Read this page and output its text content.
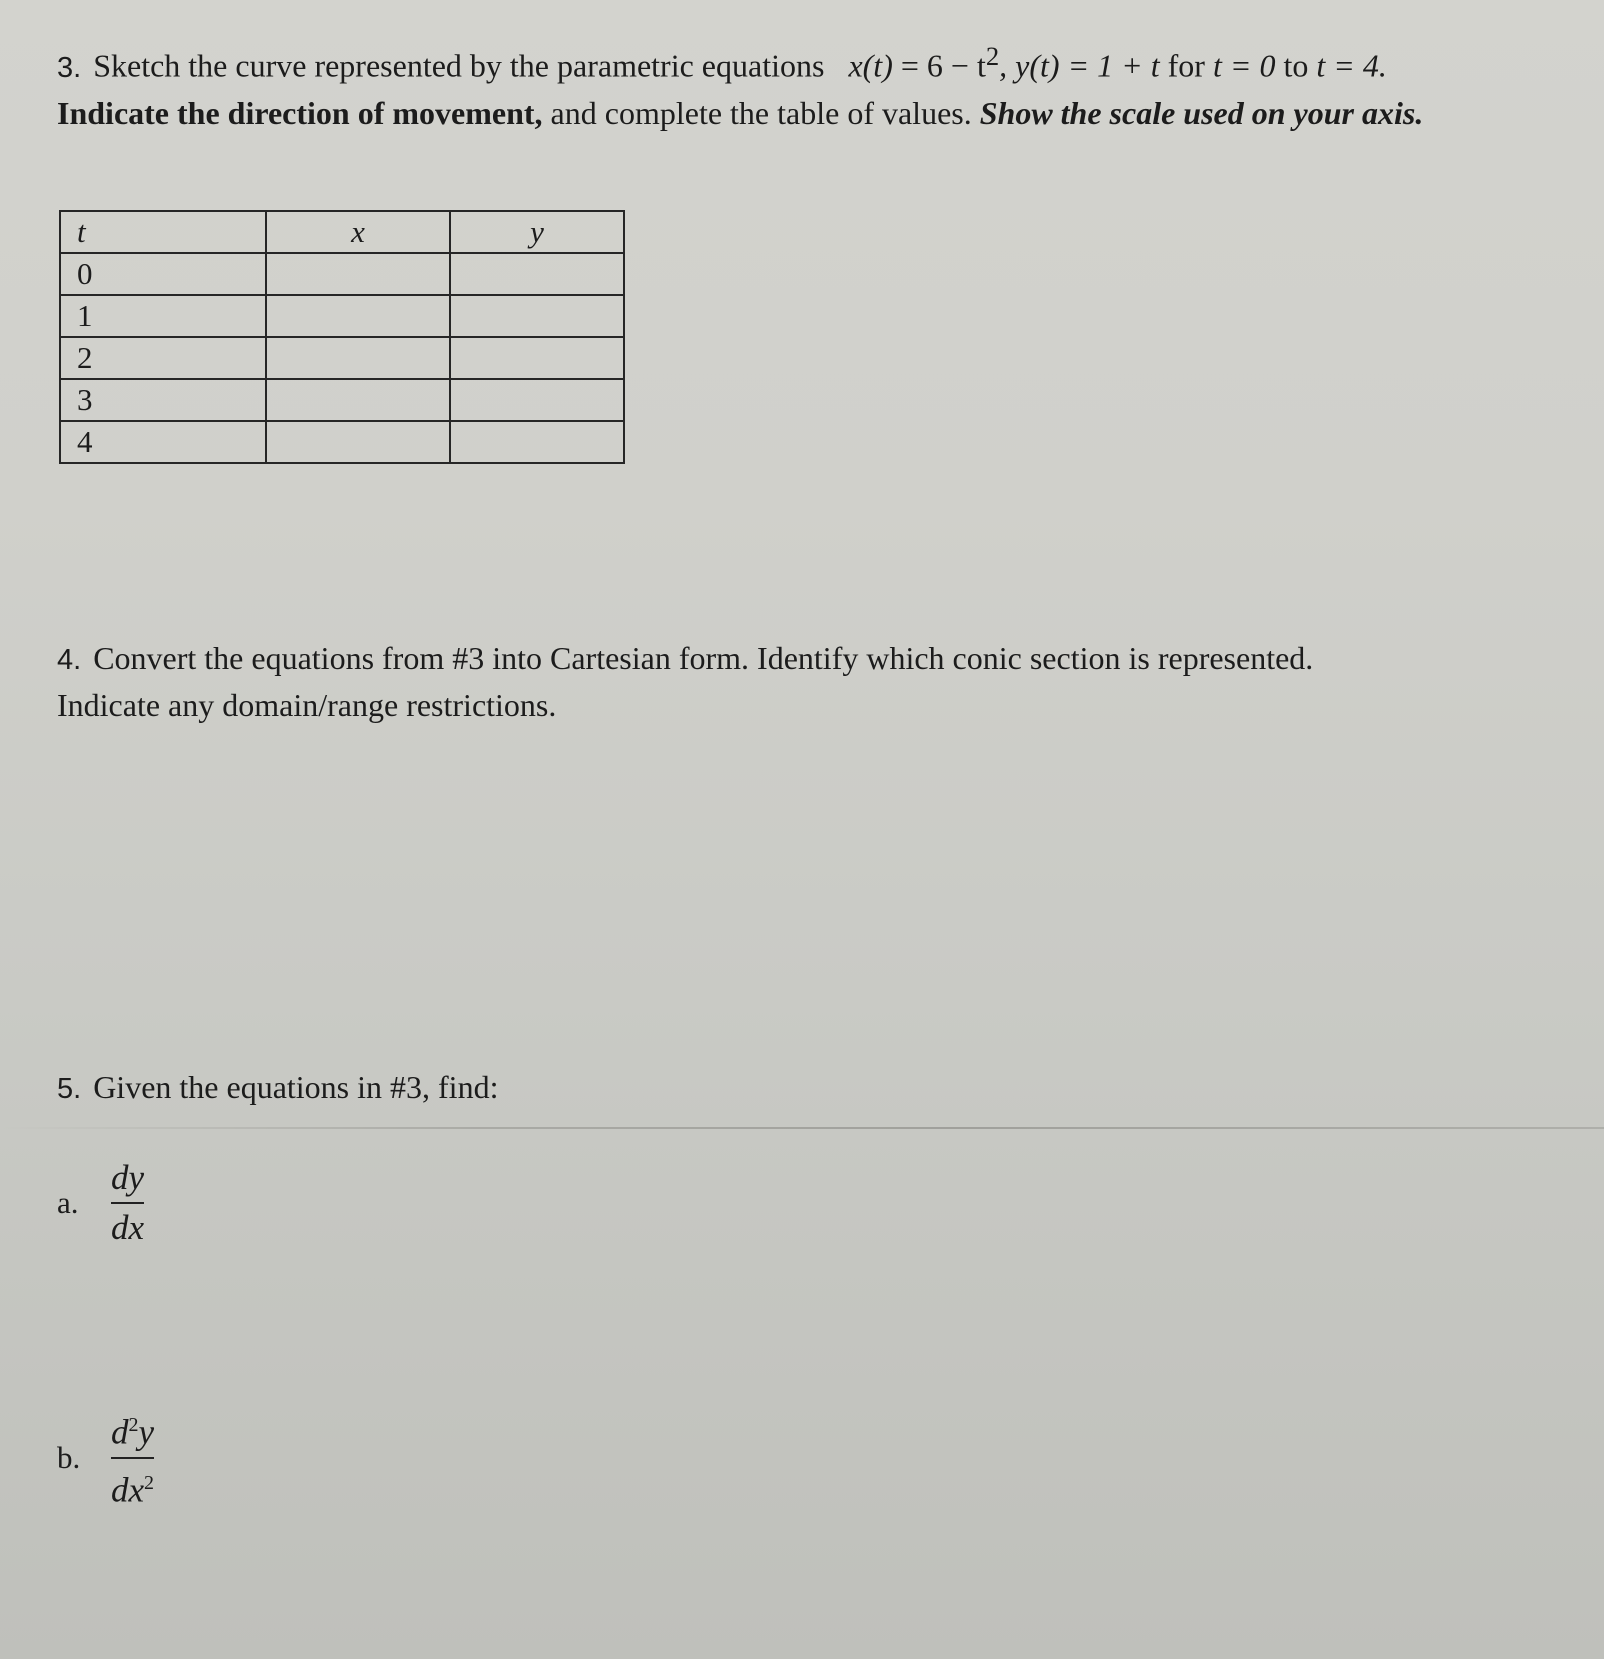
3. Sketch the curve represented by the parametric equations $x(t) = 6 - t^2$, y(t) = 1 + t for t = 0 to t = 4. Indicate the direction of movement, and complete the table of values. Show the scale used on your axis.
t	x	y
0		
1		
2		
3		
4		
4. Convert the equations from #3 into Cartesian form. Identify which conic section is represented. Indicate any domain/range restrictions.
5. Given the equations in #3, find:
a. $\frac{dy}{dx}$
b. $\frac{d^2y}{dx^2}$
